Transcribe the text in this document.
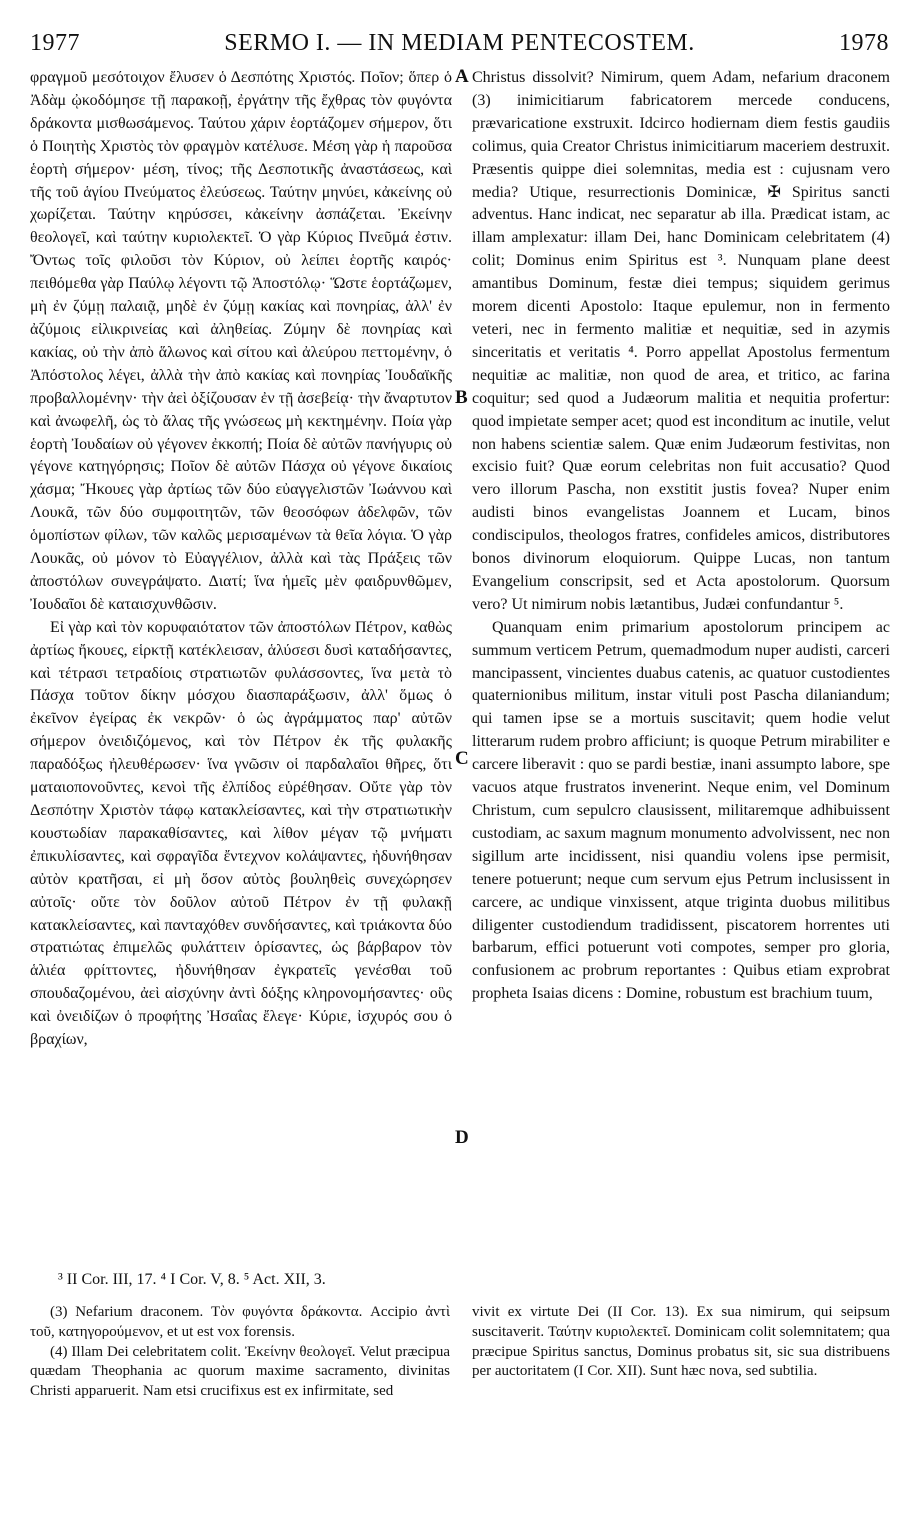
1977	SERMO I. — IN MEDIAM PENTECOSTEM.	1978

φραγμοῦ μεσότοιχον ἔλυσεν ὁ Δεσπότης Χριστός. Ποῖον; ὅπερ ὁ Ἀδὰμ ᾠκοδόμησε τῇ παρακοῇ, ἐργάτην τῆς ἔχθρας τὸν φυγόντα δράκοντα μισθωσάμενος. Ταύτου χάριν ἑορτάζομεν σήμερον, ὅτι ὁ Ποιητὴς Χριστὸς τὸν φραγμὸν κατέλυσε. Μέση γὰρ ἡ παροῦσα ἑορτὴ σήμερον· μέση, τίνος; τῆς Δεσποτικῆς ἀναστάσεως, καὶ τῆς τοῦ ἁγίου Πνεύματος ἐλεύσεως. Ταύτην μηνύει, κἀκείνης οὐ χωρίζεται. Ταύτην κηρύσσει, κἀκείνην ἀσπάζεται. Ἐκείνην θεολογεῖ, καὶ ταύτην κυριολεκτεῖ. Ὁ γὰρ Κύριος Πνεῦμά ἐστιν. Ὄντως τοῖς φιλοῦσι τὸν Κύριον, οὐ λείπει ἑορτῆς καιρός· πειθόμεθα γὰρ Παύλῳ λέγοντι τῷ Ἀποστόλῳ· Ὥστε ἑορτάζωμεν, μὴ ἐν ζύμῃ παλαιᾷ, μηδὲ ἐν ζύμῃ κακίας καὶ πονηρίας, ἀλλ' ἐν ἀζύμοις εἰλικρινείας καὶ ἀληθείας. Ζύμην δὲ πονηρίας καὶ κακίας, οὐ τὴν ἀπὸ ἅλωνος καὶ σίτου καὶ ἀλεύρου πεττομένην, ὁ Ἀπόστολος λέγει, ἀλλὰ τὴν ἀπὸ κακίας καὶ πονηρίας Ἰουδαϊκῆς προβαλλομένην· τὴν ἀεὶ ὀξίζουσαν ἐν τῇ ἀσεβείᾳ· τὴν ἄναρτυτον καὶ ἀνωφελῆ, ὡς τὸ ἅλας τῆς γνώσεως μὴ κεκτημένην. Ποία γὰρ ἑορτὴ Ἰουδαίων οὐ γέγονεν ἐκκοπή; Ποία δὲ αὐτῶν πανήγυρις οὐ γέγονε κατηγόρησις; Ποῖον δὲ αὐτῶν Πάσχα οὐ γέγονε δικαίοις χάσμα; Ἤκουες γὰρ ἀρτίως τῶν δύο εὐαγγελιστῶν Ἰωάννου καὶ Λουκᾶ, τῶν δύο συμφοιτητῶν, τῶν θεοσόφων ἀδελφῶν, τῶν ὁμοπίστων φίλων, τῶν καλῶς μερισαμένων τὰ θεῖα λόγια. Ὁ γὰρ Λουκᾶς, οὐ μόνον τὸ Εὐαγγέλιον, ἀλλὰ καὶ τὰς Πράξεις τῶν ἀποστόλων συνεγράψατο. Διατί; ἵνα ἡμεῖς μὲν φαιδρυνθῶμεν, Ἰουδαῖοι δὲ καταισχυνθῶσιν.

Εἰ γὰρ καὶ τὸν κορυφαιότατον τῶν ἀποστόλων Πέτρον, καθὼς ἀρτίως ἤκουες, εἱρκτῇ κατέκλεισαν, ἁλύσεσι δυσὶ καταδήσαντες, καὶ τέτρασι τετραδίοις στρατιωτῶν φυλάσσοντες, ἵνα μετὰ τὸ Πάσχα τοῦτον δίκην μόσχου διασπαράξωσιν, ἀλλ' ὅμως ὁ ἐκεῖνον ἐγείρας ἐκ νεκρῶν· ὁ ὡς ἀγράμματος παρ' αὐτῶν σήμερον ὀνειδιζόμενος, καὶ τὸν Πέτρον ἐκ τῆς φυλακῆς παραδόξως ἠλευθέρωσεν· ἵνα γνῶσιν οἱ παρδαλαῖοι θῆρες, ὅτι ματαιοπονοῦντες, κενοὶ τῆς ἐλπίδος εὑρέθησαν. Οὔτε γὰρ τὸν Δεσπότην Χριστὸν τάφῳ κατακλείσαντες, καὶ τὴν στρατιωτικὴν κουστωδίαν παρακαθίσαντες, καὶ λίθον μέγαν τῷ μνήματι ἐπικυλίσαντες, καὶ σφραγῖδα ἔντεχνον κολάψαντες, ἠδυνήθησαν αὐτὸν κρατῆσαι, εἰ μὴ ὅσον αὐτὸς βουληθεὶς συνεχώρησεν αὐτοῖς· οὔτε τὸν δοῦλον αὐτοῦ Πέτρον ἐν τῇ φυλακῇ κατακλείσαντες, καὶ πανταχόθεν συνδήσαντες, καὶ τριάκοντα δύο στρατιώτας ἐπιμελῶς φυλάττειν ὁρίσαντες, ὡς βάρβαρον τὸν ἁλιέα φρίττοντες, ἠδυνήθησαν ἐγκρατεῖς γενέσθαι τοῦ σπουδαζομένου, ἀεὶ αἰσχύνην ἀντὶ δόξης κληρονομήσαντες· οὓς καὶ ὀνειδίζων ὁ προφήτης Ἠσαΐας ἔλεγε· Κύριε, ἰσχυρός σου ὁ βραχίων,

Christus dissolvit? Nimirum, quem Adam, nefarium draconem (3) inimicitiarum fabricatorem mercede conducens, prævaricatione exstruxit. Idcirco hodiernam diem festis gaudiis colimus, quia Creator Christus inimicitiarum maceriem destruxit. Præsentis quippe diei solemnitas, media est : cujusnam vero media? Utique, resurrectionis Dominicæ, ✠ Spiritus sancti adventus. Hanc indicat, nec separatur ab illa. Prædicat istam, ac illam amplexatur: illam Dei, hanc Dominicam celebritatem (4) colit; Dominus enim Spiritus est ³. Nunquam plane deest amantibus Dominum, festæ diei tempus; siquidem gerimus morem dicenti Apostolo: Itaque epulemur, non in fermento veteri, nec in fermento malitiæ et nequitiæ, sed in azymis sinceritatis et veritatis ⁴. Porro appellat Apostolus fermentum nequitiæ ac malitiæ, non quod de area, et tritico, ac farina coquitur; sed quod a Judæorum malitia et nequitia profertur: quod impietate semper acet; quod est inconditum ac inutile, velut non habens scientiæ salem. Quæ enim Judæorum festivitas, non excisio fuit? Quæ eorum celebritas non fuit accusatio? Quod vero illorum Pascha, non exstitit justis fovea? Nuper enim audisti binos evangelistas Joannem et Lucam, binos condiscipulos, theologos fratres, confideles amicos, distributores bonos divinorum eloquiorum. Quippe Lucas, non tantum Evangelium conscripsit, sed et Acta apostolorum. Quorsum vero? Ut nimirum nobis lætantibus, Judæi confundantur ⁵.

Quanquam enim primarium apostolorum principem ac summum verticem Petrum, quemadmodum nuper audisti, carceri mancipassent, vincientes duabus catenis, ac quatuor custodientes quaternionibus militum, instar vituli post Pascha dilaniandum; qui tamen ipse se a mortuis suscitavit; quem hodie velut litterarum rudem probro afficiunt; is quoque Petrum mirabiliter e carcere liberavit : quo se pardi bestiæ, inani assumpto labore, spe vacuos atque frustratos invenerint. Neque enim, vel Dominum Christum, cum sepulcro clausissent, militaremque adhibuissent custodiam, ac saxum magnum monumento advolvissent, nec non sigillum arte incidissent, nisi quandiu volens ipse permisit, tenere potuerunt; neque cum servum ejus Petrum inclusissent in carcere, ac undique vinxissent, atque triginta duobus militibus diligenter custodiendum tradidissent, piscatorem horrentes uti barbarum, effici potuerunt voti compotes, semper pro gloria, confusionem ac probrum reportantes : Quibus etiam exprobrat propheta Isaias dicens : Domine, robustum est brachium tuum,

A
B
C
D
³ II Cor. III, 17. ⁴ I Cor. V, 8. ⁵ Act. XII, 3.

(3) Nefarium draconem. Τὸν φυγόντα δράκοντα. Accipio ἀντὶ τοῦ, κατηγορούμενον, et ut est vox forensis.

(4) Illam Dei celebritatem colit. Ἐκείνην θεολογεῖ. Velut præcipua quædam Theophania ac quorum maxime sacramento, divinitas Christi apparuerit. Nam etsi crucifixus est ex infirmitate, sed

vivit ex virtute Dei (II Cor. 13). Ex sua nimirum, qui seipsum suscitaverit. Ταύτην κυριολεκτεῖ. Dominicam colit solemnitatem; qua præcipue Spiritus sanctus, Dominus probatus sit, sic sua distribuens per auctoritatem (I Cor. XII). Sunt hæc nova, sed subtilia.
